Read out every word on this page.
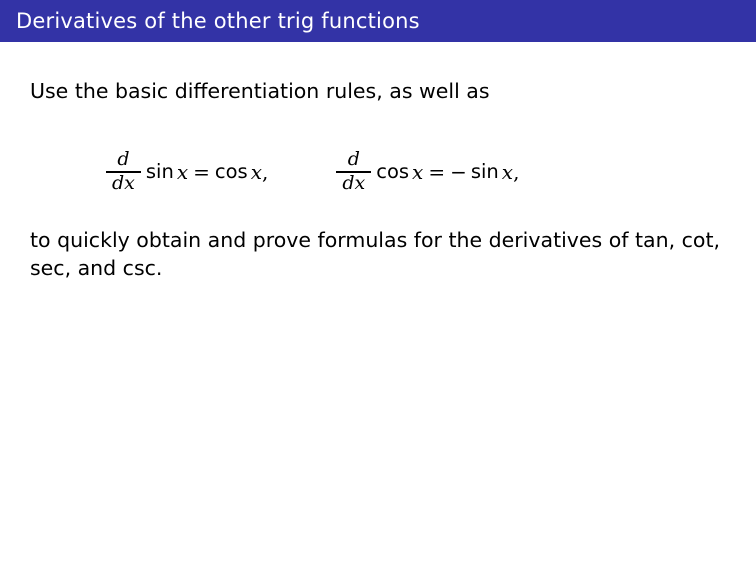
Derivatives of the other trig functions
Use the basic differentiation rules, as well as
$\frac{d}{dx}$ sin x = cos x ,	$\frac{d}{dx}$ cos x = − sin x ,
to quickly obtain and prove formulas for the derivatives of tan, cot, sec, and csc.
